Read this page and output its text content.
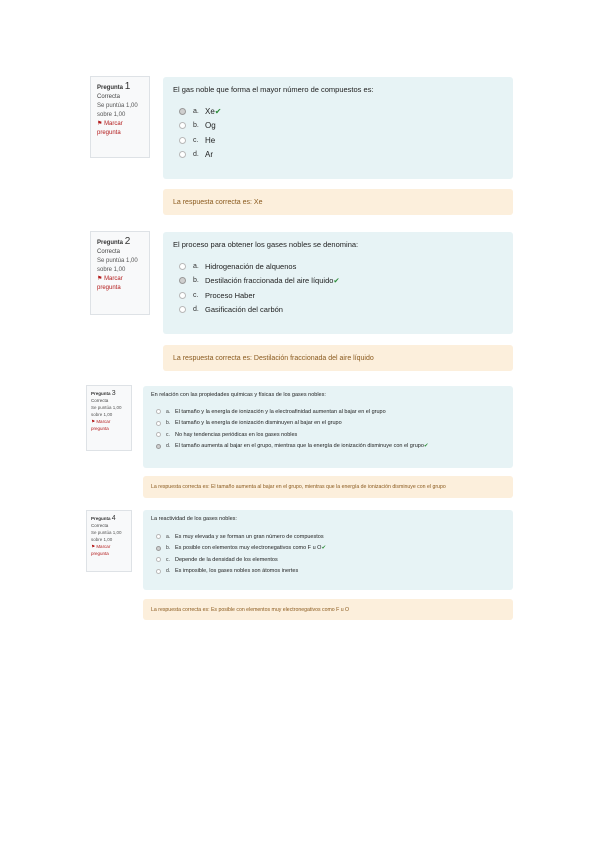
Pregunta 1
Correcta
Se puntúa 1,00
sobre 1,00
⚑ Marcar
pregunta
El gas noble que forma el mayor número de compuestos es:
a. Xe ✔
b. Og
c. He
d. Ar
La respuesta correcta es: Xe
Pregunta 2
Correcta
Se puntúa 1,00
sobre 1,00
⚑ Marcar
pregunta
El proceso para obtener los gases nobles se denomina:
a. Hidrogenación de alquenos
b. Destilación fraccionada del aire líquido ✔
c. Proceso Haber
d. Gasificación del carbón
La respuesta correcta es: Destilación fraccionada del aire líquido
Pregunta 3
Correcta
Se puntúa 1,00
sobre 1,00
⚑ Marcar
pregunta
En relación con las propiedades químicas y físicas de los gases nobles:
a. El tamaño y la energía de ionización y la electroafinidad aumentan al bajar en el grupo
b. El tamaño y la energía de ionización disminuyen al bajar en el grupo
c. No hay tendencias periódicas en los gases nobles
d. El tamaño aumenta al bajar en el grupo, mientras que la energía de ionización disminuye con el grupo ✔
La respuesta correcta es: El tamaño aumenta al bajar en el grupo, mientras que la energía de ionización disminuye con el grupo
Pregunta 4
Correcta
Se puntúa 1,00
sobre 1,00
⚑ Marcar
pregunta
La reactividad de los gases nobles:
a. Es muy elevada y se forman un gran número de compuestos
b. Es posible con elementos muy electronegativos como F u O ✔
c. Depende de la densidad de los elementos
d. Es imposible, los gases nobles son átomos inertes
La respuesta correcta es: Es posible con elementos muy electronegativos como F u O
